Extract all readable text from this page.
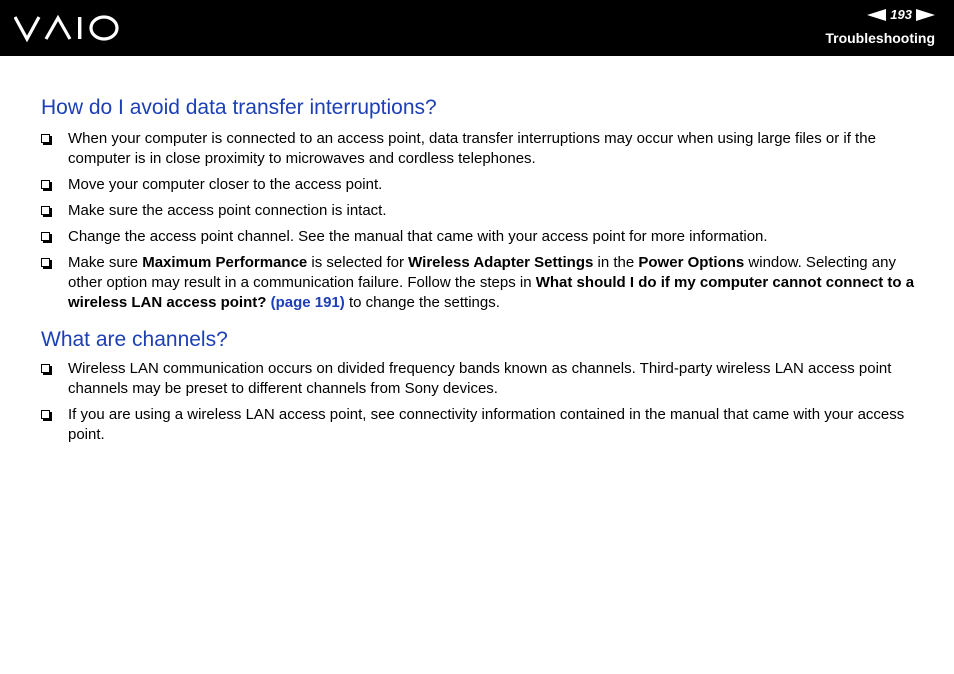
193
Troubleshooting
How do I avoid data transfer interruptions?
When your computer is connected to an access point, data transfer interruptions may occur when using large files or if the computer is in close proximity to microwaves and cordless telephones.
Move your computer closer to the access point.
Make sure the access point connection is intact.
Change the access point channel. See the manual that came with your access point for more information.
Make sure Maximum Performance is selected for Wireless Adapter Settings in the Power Options window. Selecting any other option may result in a communication failure. Follow the steps in What should I do if my computer cannot connect to a wireless LAN access point? (page 191) to change the settings.
What are channels?
Wireless LAN communication occurs on divided frequency bands known as channels. Third-party wireless LAN access point channels may be preset to different channels from Sony devices.
If you are using a wireless LAN access point, see connectivity information contained in the manual that came with your access point.
